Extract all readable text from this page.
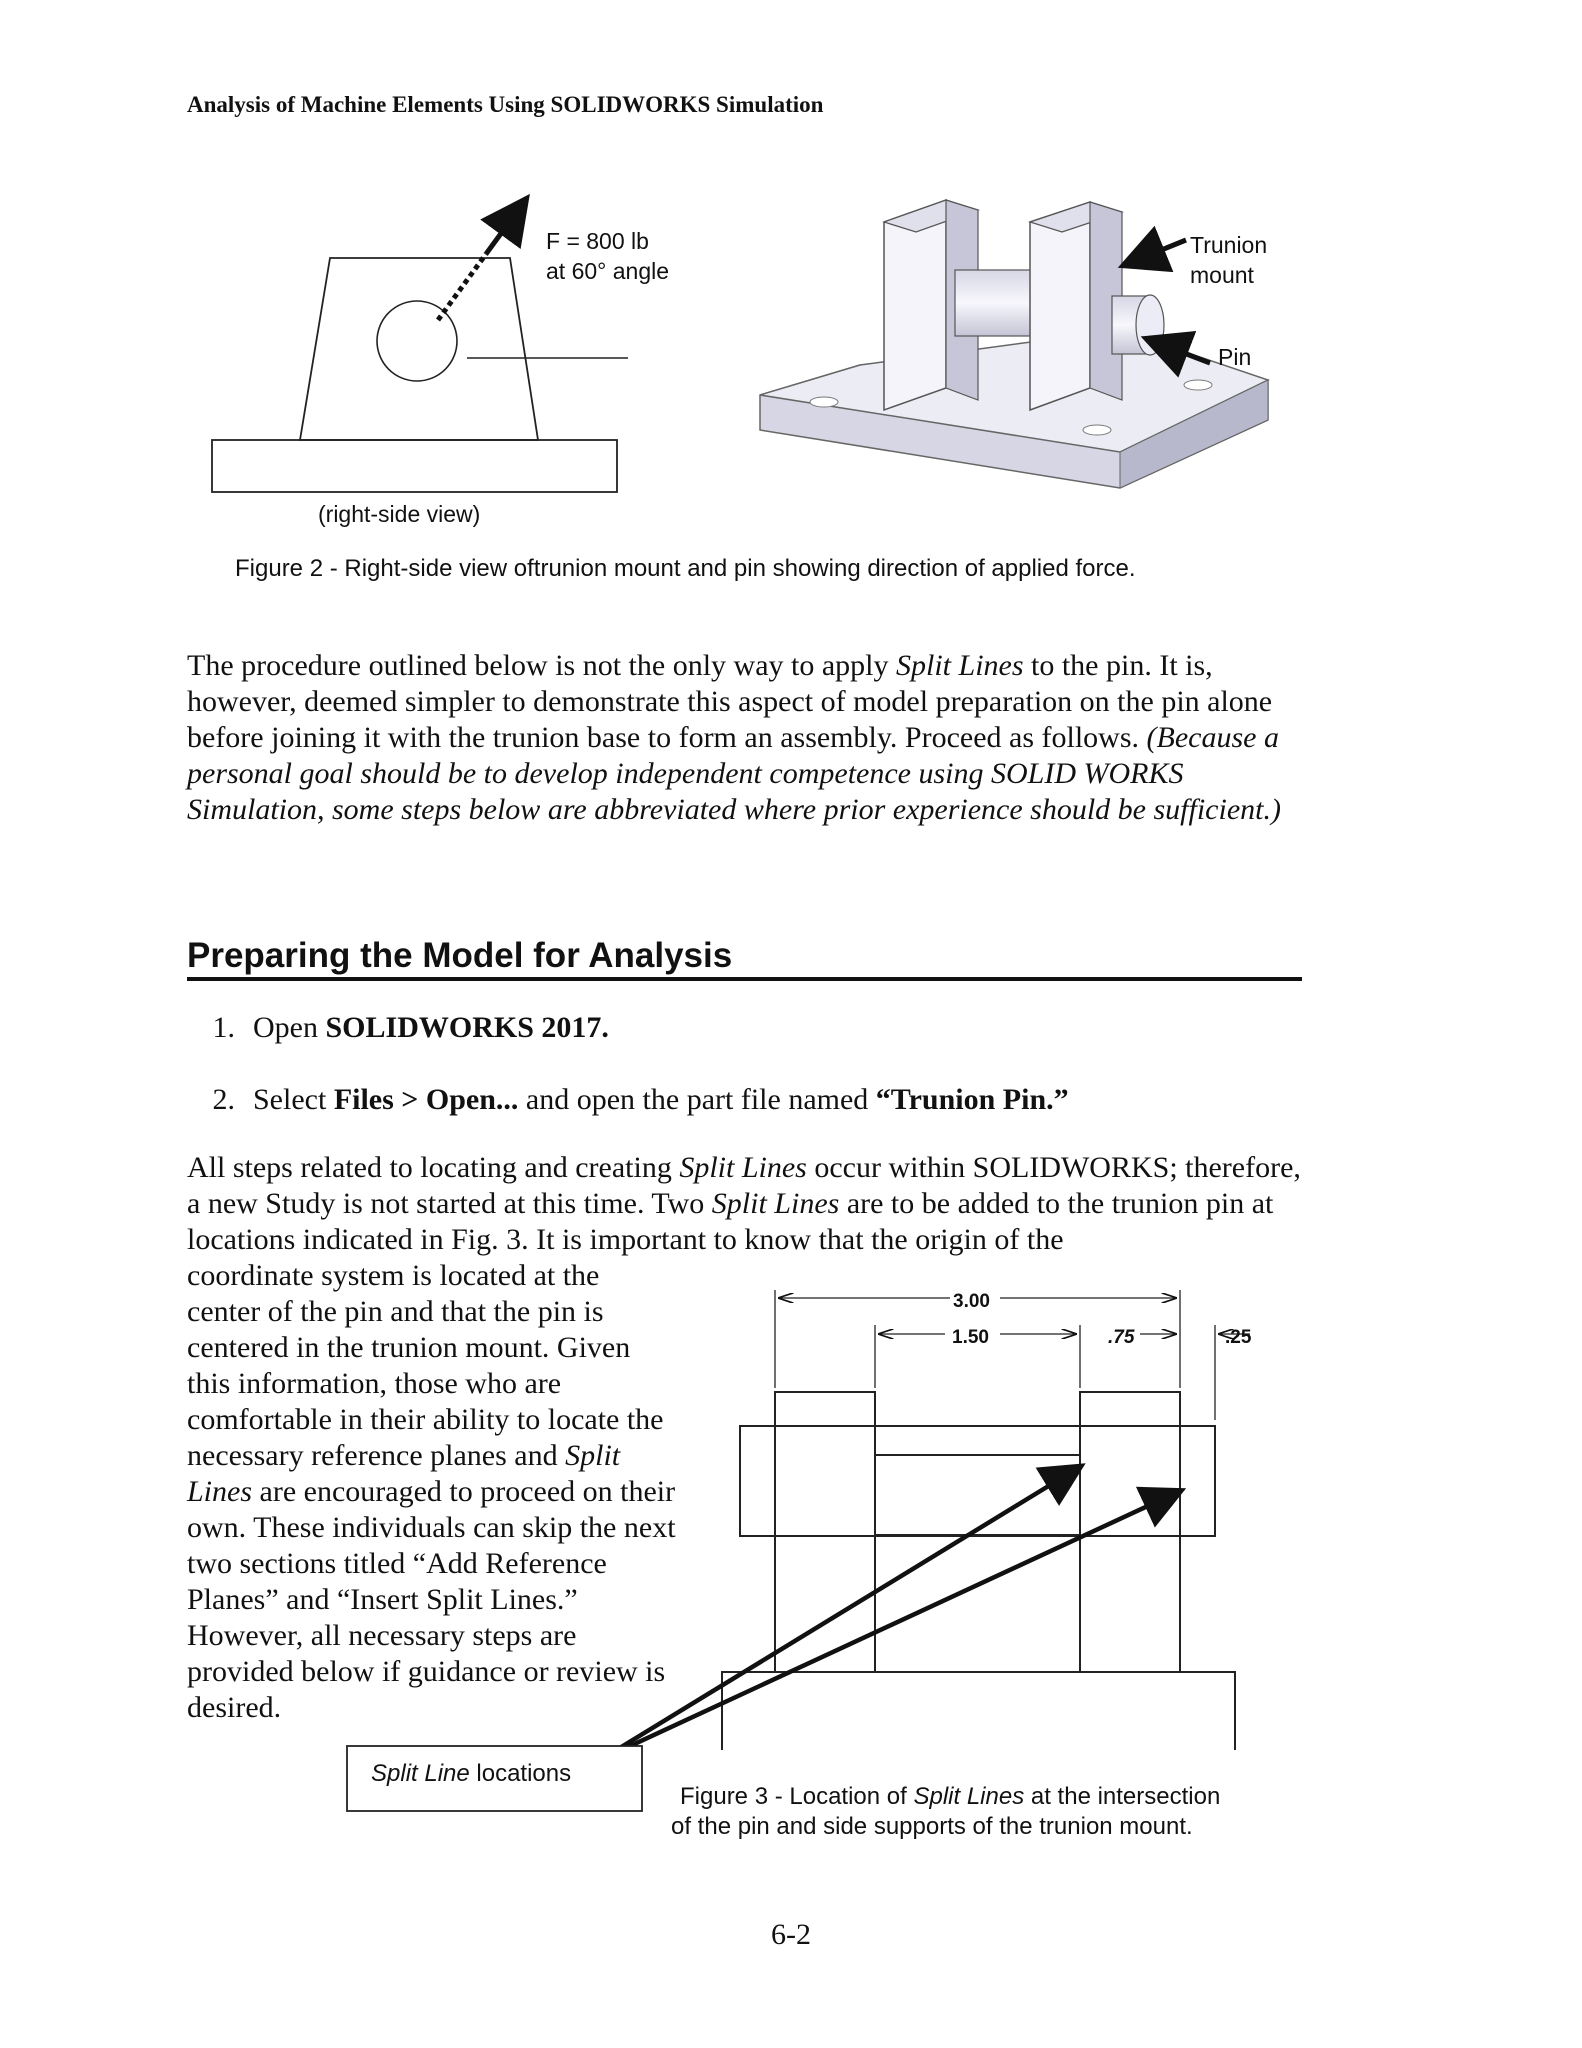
Analysis of Machine Elements Using SOLIDWORKS Simulation
F = 800 lb
at 60° angle
(right-side view)
Trunion
mount
Pin
Figure 2 - Right-side view oftrunion mount and pin showing direction of applied force.

The procedure outlined below is not the only way to apply Split Lines to the pin. It is, however, deemed simpler to demonstrate this aspect of model preparation on the pin alone before joining it with the trunion base to form an assembly. Proceed as follows. (Because a personal goal should be to develop independent competence using SOLID WORKS Simulation, some steps below are abbreviated where prior experience should be sufficient.)

Preparing the Model for Analysis
1. Open SOLIDWORKS 2017.
2. Select Files > Open... and open the part file named “Trunion Pin.”

All steps related to locating and creating Split Lines occur within SOLIDWORKS; therefore, a new Study is not started at this time. Two Split Lines are to be added to the trunion pin at locations indicated in Fig. 3. It is important to know that the origin of the

coordinate system is located at the center of the pin and that the pin is centered in the trunion mount. Given this information, those who are comfortable in their ability to locate the necessary reference planes and Split Lines are encouraged to proceed on their own. These individuals can skip the next two sections titled “Add Reference Planes” and “Insert Split Lines.” However, all necessary steps are provided below if guidance or review is desired.

3.00
1.50	.75	.25
Split Line locations
Figure 3 - Location of Split Lines at the intersection
of the pin and side supports of the trunion mount.
6-2
